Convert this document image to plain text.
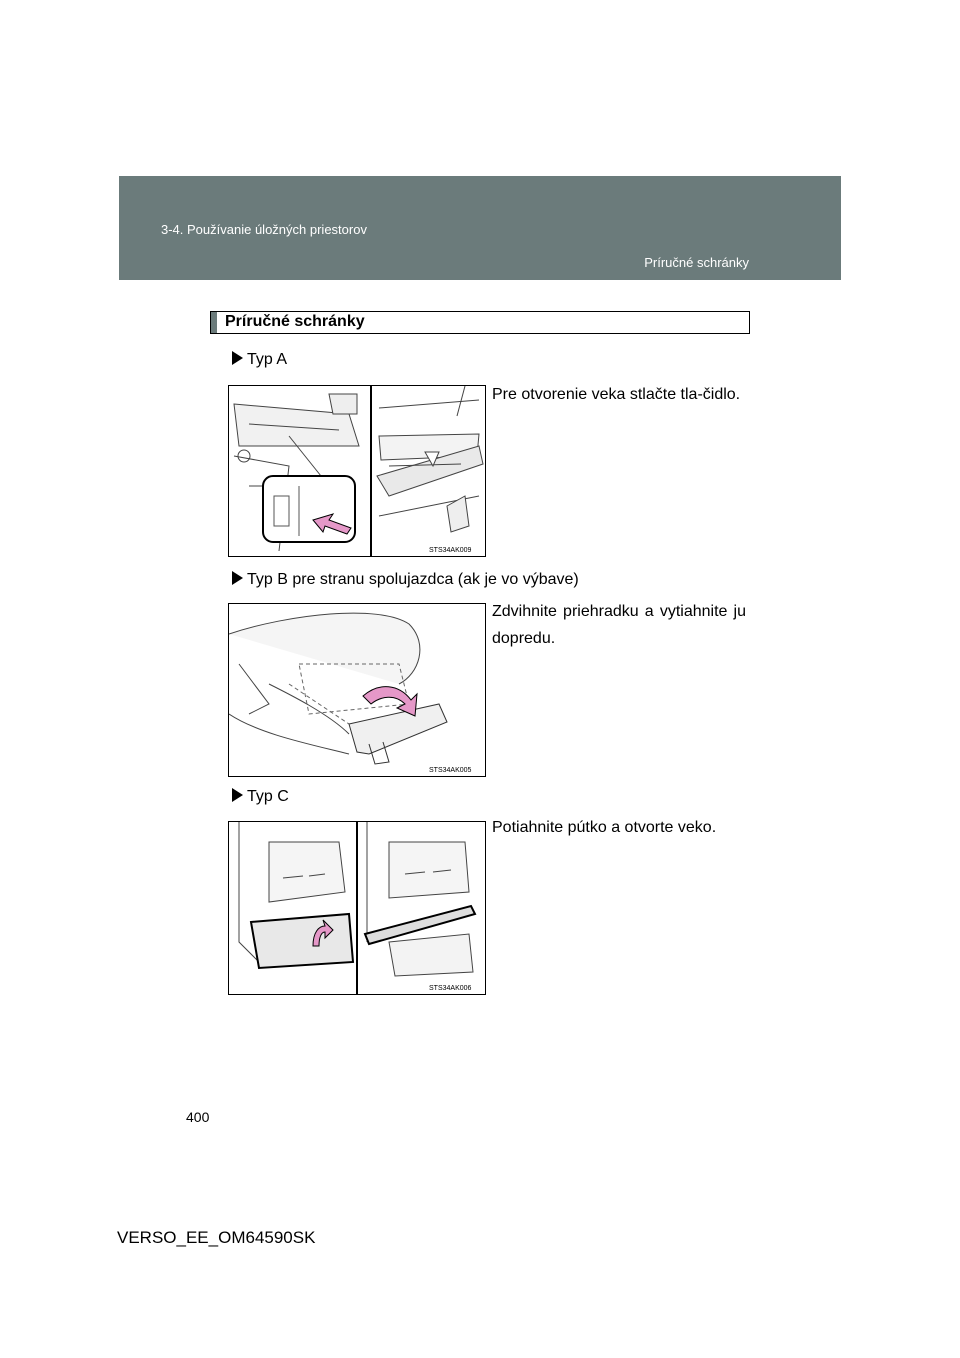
3-4. Používanie úložných priestorov
Príručné schránky
Príručné schránky
Typ A
Pre otvorenie veka stlačte tla-čidlo.
STS34AK009
Typ B pre stranu spolujazdca (ak je vo výbave)
Zdvihnite priehradku a vytiahnite ju dopredu.
STS34AK005
Typ C
Potiahnite pútko a otvorte veko.
STS34AK006
400
VERSO_EE_OM64590SK
